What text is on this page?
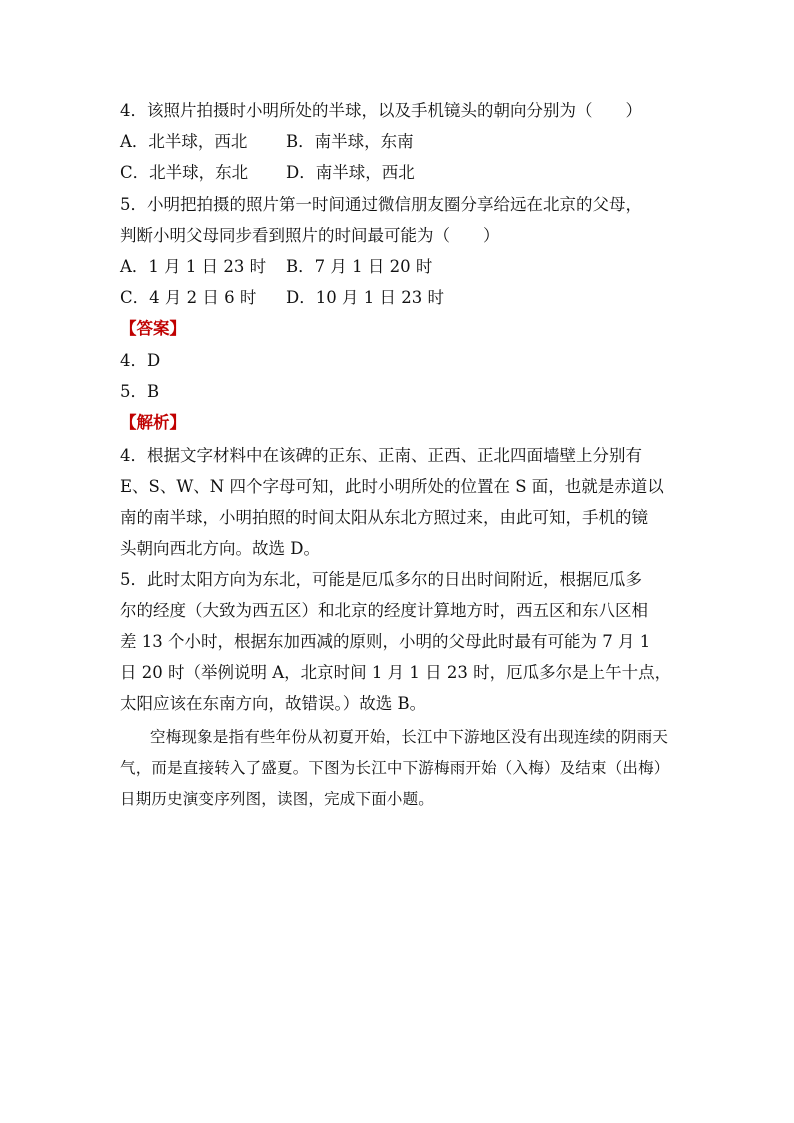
4．该照片拍摄时小明所处的半球，以及手机镜头的朝向分别为（　　）
A．北半球，西北 B．南半球，东南
C．北半球，东北 D．南半球，西北
5．小明把拍摄的照片第一时间通过微信朋友圈分享给远在北京的父母，
判断小明父母同步看到照片的时间最可能为（　　）
A．1 月 1 日 23 时 B．7 月 1 日 20 时
C．4 月 2 日 6 时 D．10 月 1 日 23 时
【答案】
4．D
5．B
【解析】
4．根据文字材料中在该碑的正东、正南、正西、正北四面墙壁上分别有
E、S、W、N 四个字母可知，此时小明所处的位置在 S 面，也就是赤道以
南的南半球，小明拍照的时间太阳从东北方照过来，由此可知，手机的镜
头朝向西北方向。故选 D。
5．此时太阳方向为东北，可能是厄瓜多尔的日出时间附近，根据厄瓜多
尔的经度（大致为西五区）和北京的经度计算地方时，西五区和东八区相
差 13 个小时，根据东加西减的原则，小明的父母此时最有可能为 7 月 1
日 20 时（举例说明 A，北京时间 1 月 1 日 23 时，厄瓜多尔是上午十点，
太阳应该在东南方向，故错误。）故选 B。
空梅现象是指有些年份从初夏开始，长江中下游地区没有出现连续的阴雨天
气，而是直接转入了盛夏。下图为长江中下游梅雨开始（入梅）及结束（出梅）
日期历史演变序列图，读图，完成下面小题。
